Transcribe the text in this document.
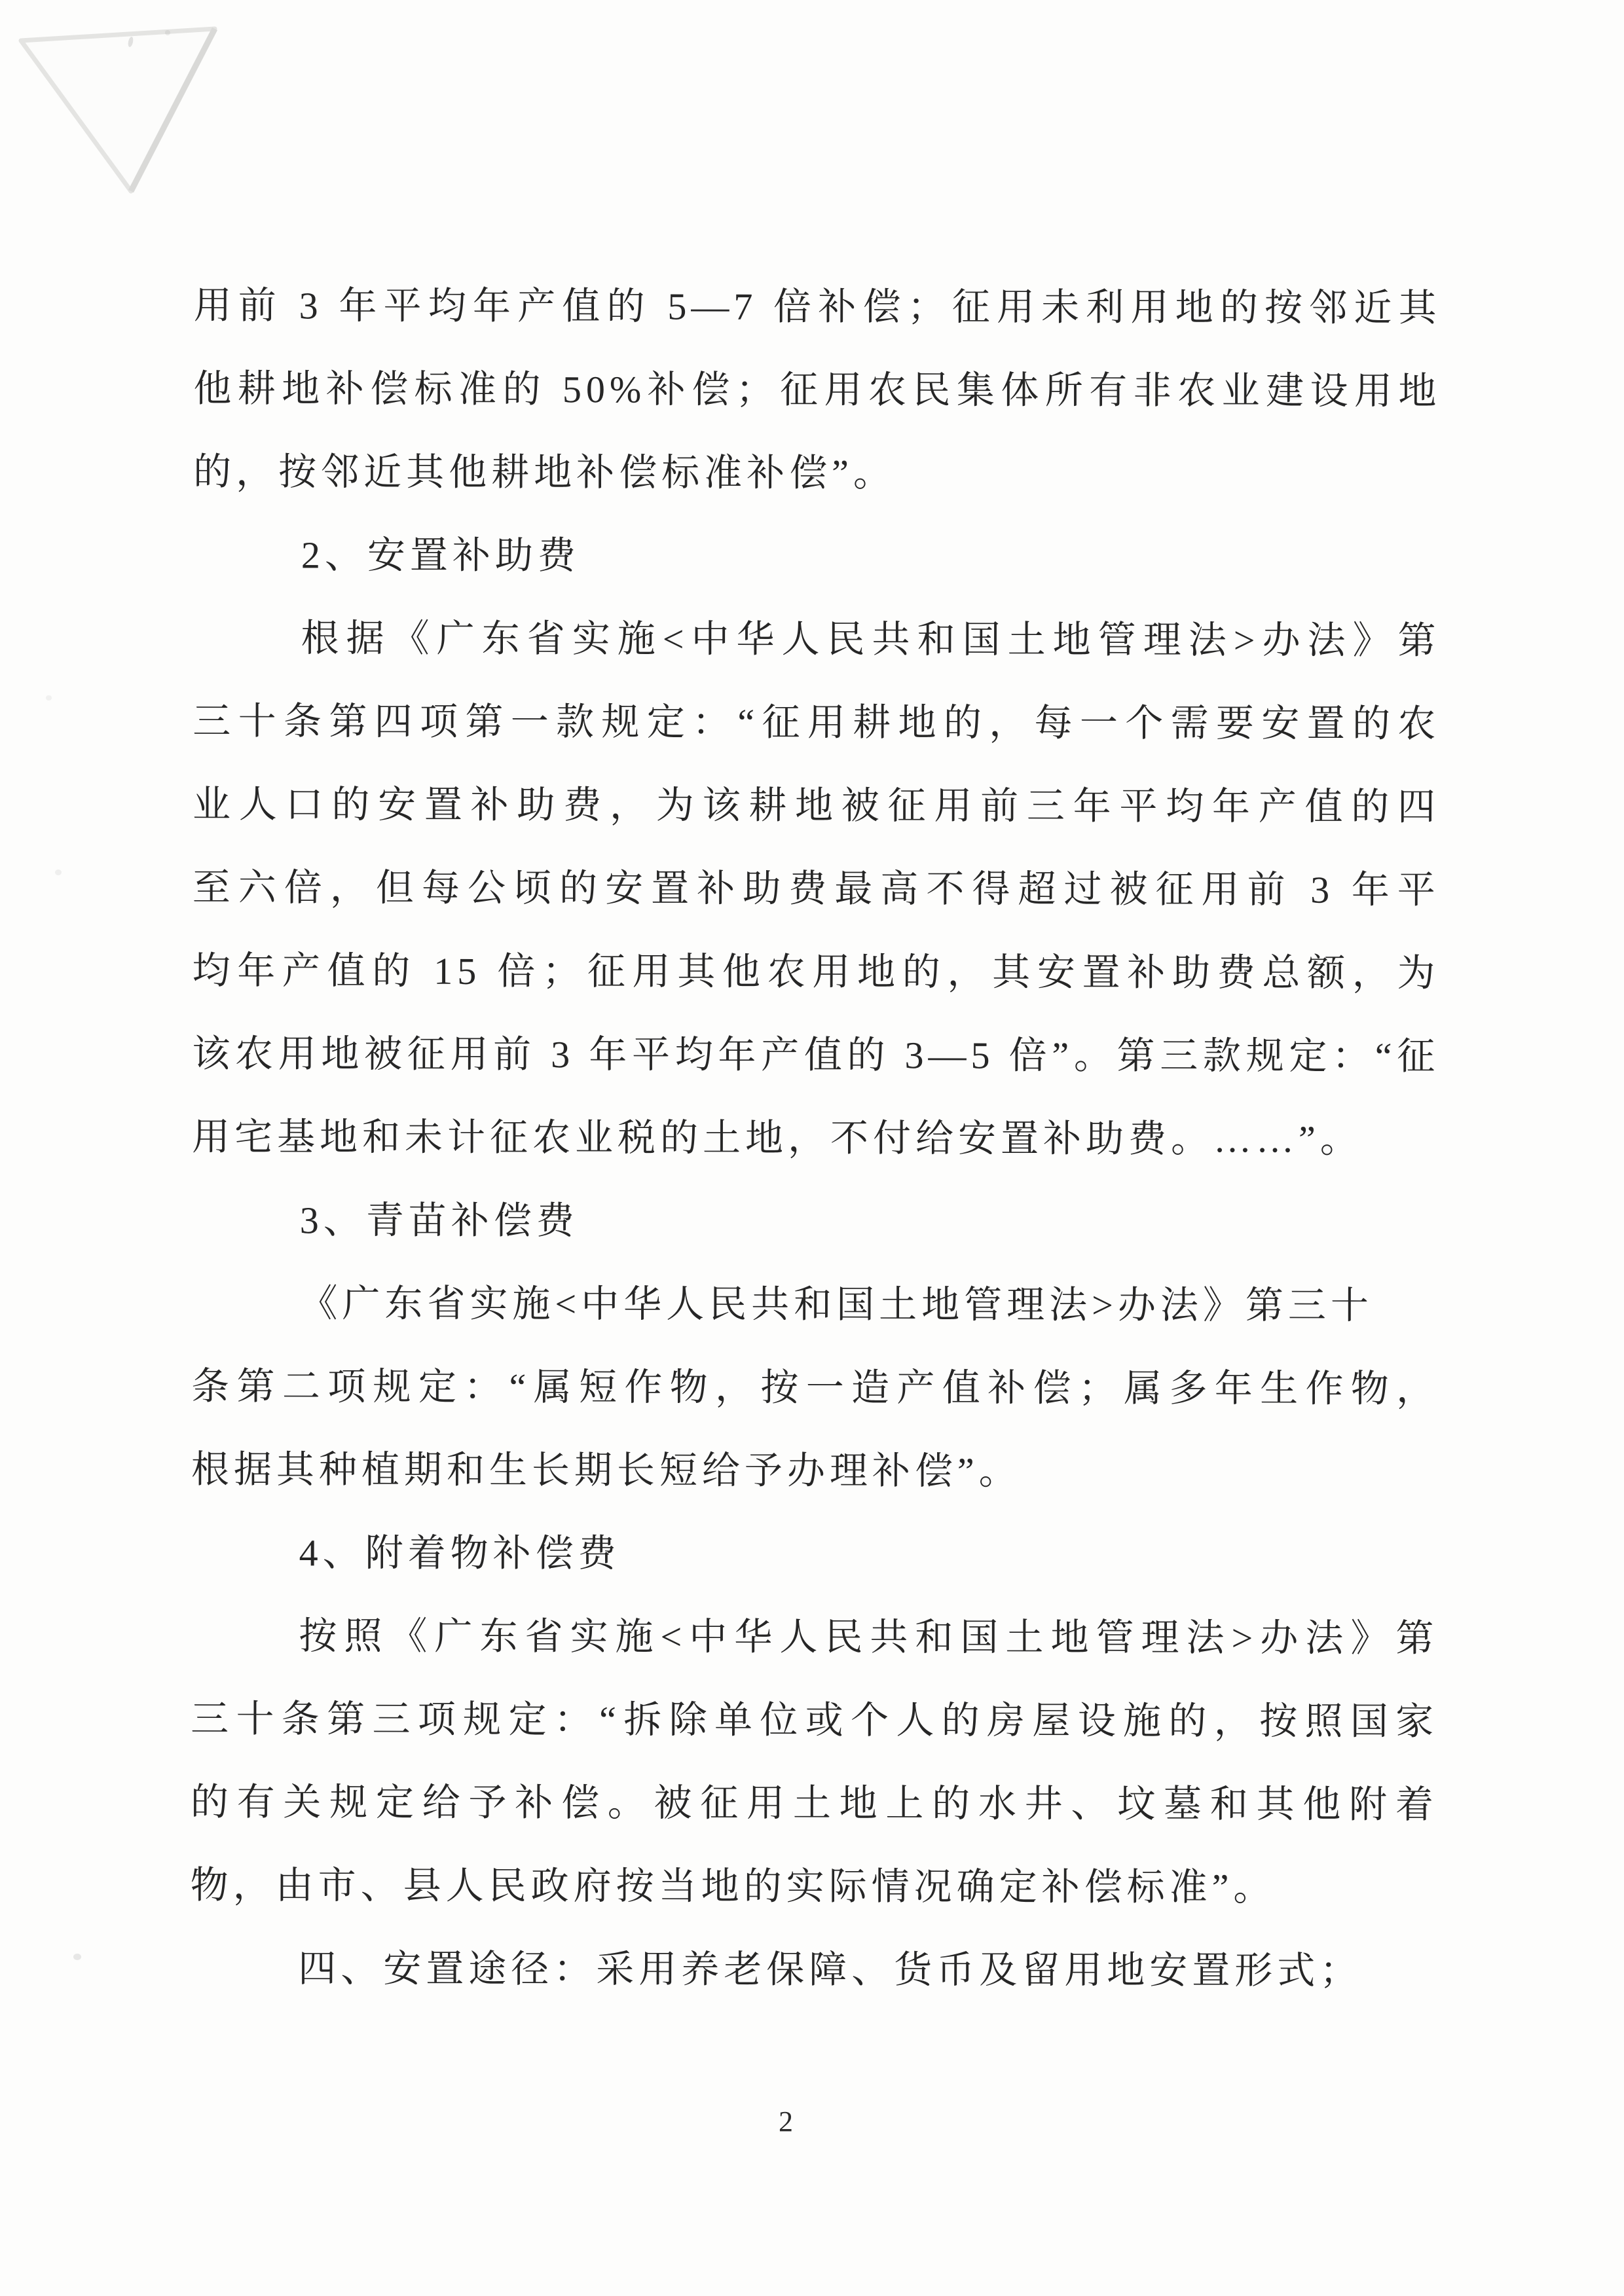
用前 3 年平均年产值的 5—7 倍补偿；征用未利用地的按邻近其
他耕地补偿标准的 50%补偿；征用农民集体所有非农业建设用地
的，按邻近其他耕地补偿标准补偿”。
2、安置补助费
根据《广东省实施<中华人民共和国土地管理法>办法》第
三十条第四项第一款规定：“征用耕地的，每一个需要安置的农
业人口的安置补助费，为该耕地被征用前三年平均年产值的四
至六倍，但每公顷的安置补助费最高不得超过被征用前 3 年平
均年产值的 15 倍；征用其他农用地的，其安置补助费总额，为
该农用地被征用前 3 年平均年产值的 3—5 倍”。第三款规定：“征
用宅基地和未计征农业税的土地，不付给安置补助费。……”。
3、青苗补偿费
《广东省实施<中华人民共和国土地管理法>办法》第三十
条第二项规定：“属短作物，按一造产值补偿；属多年生作物，
根据其种植期和生长期长短给予办理补偿”。
4、附着物补偿费
按照《广东省实施<中华人民共和国土地管理法>办法》第
三十条第三项规定：“拆除单位或个人的房屋设施的，按照国家
的有关规定给予补偿。被征用土地上的水井、坟墓和其他附着
物，由市、县人民政府按当地的实际情况确定补偿标准”。
四、安置途径：采用养老保障、货币及留用地安置形式；
2
